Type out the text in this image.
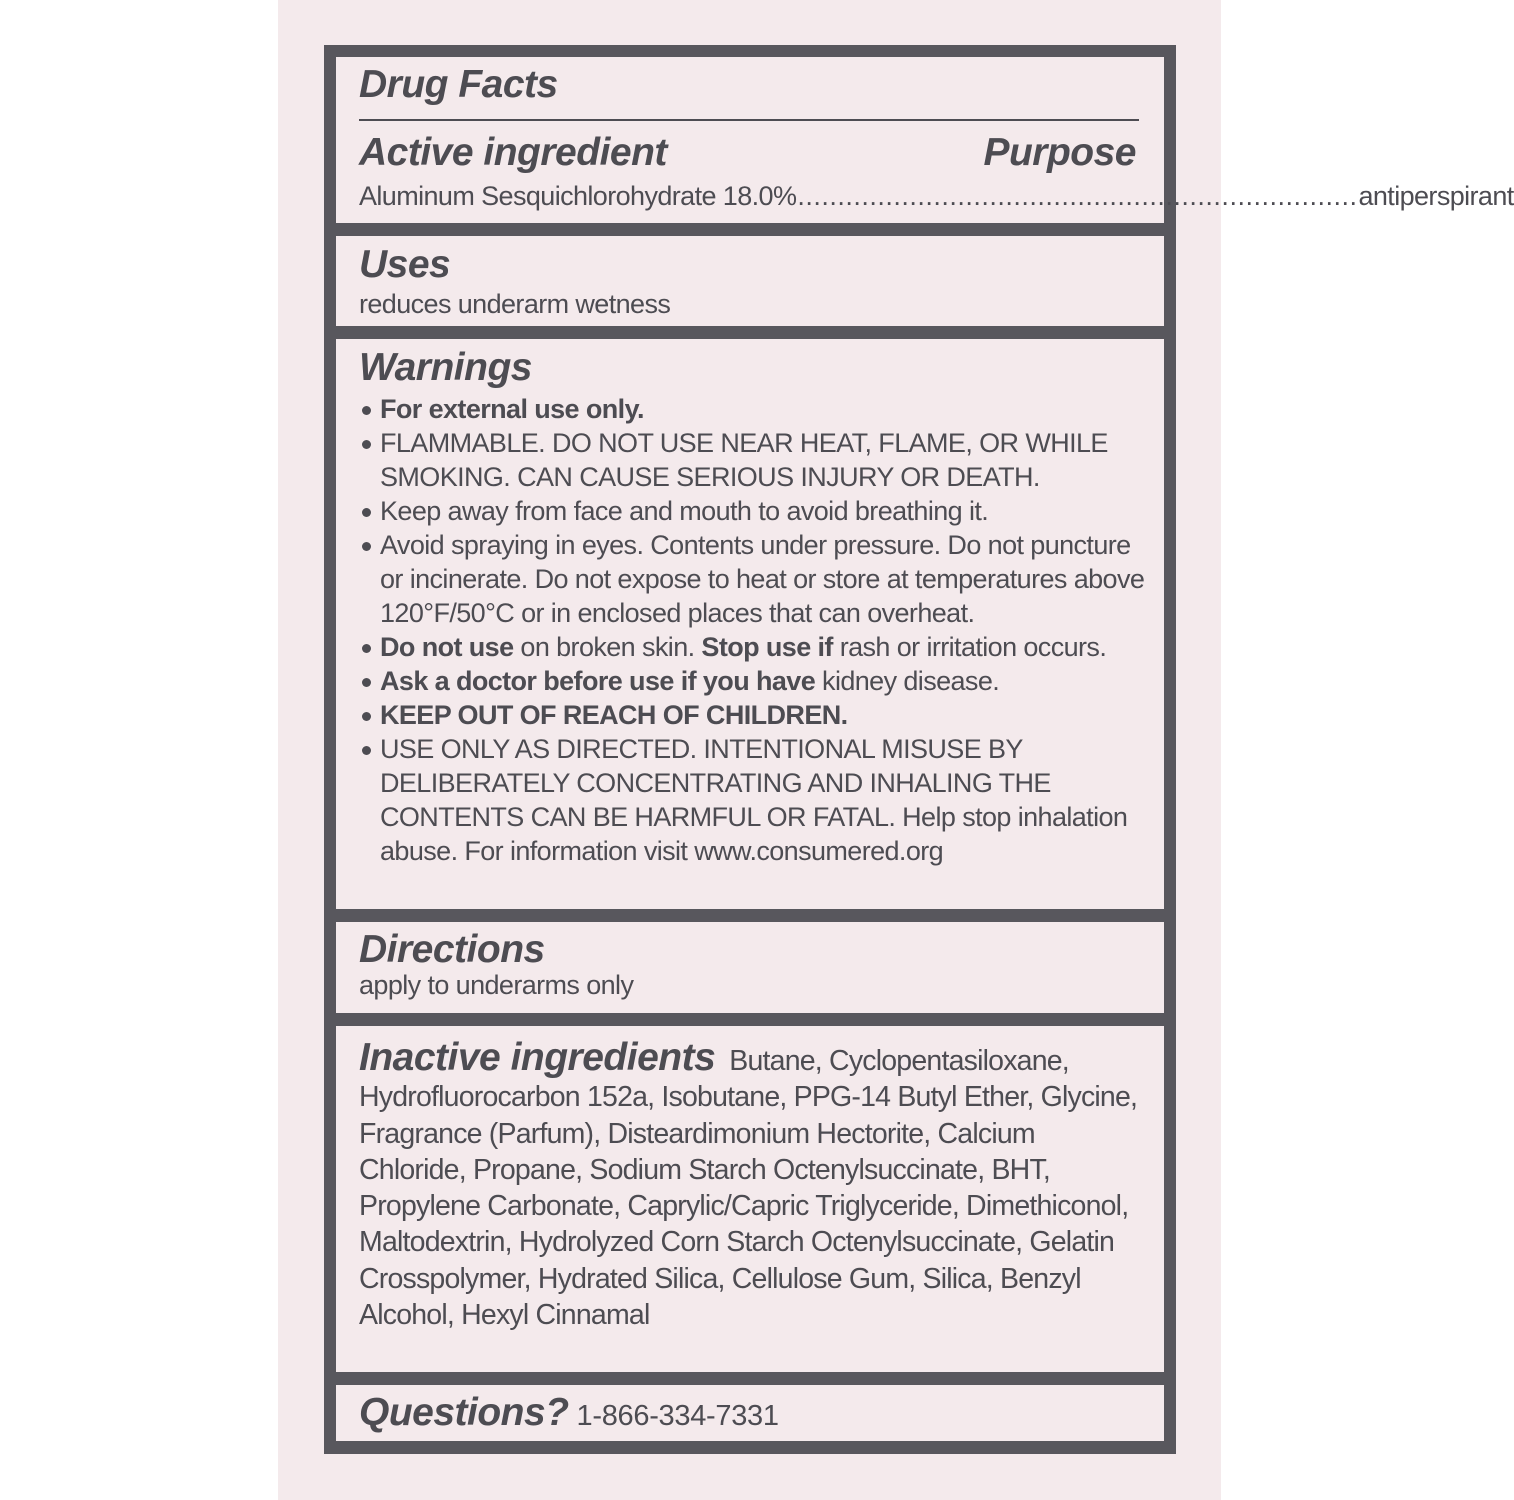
Drug Facts
Active ingredient	Purpose
Aluminum Sesquichlorohydrate 18.0% ...................................................................... antiperspirant
Uses
reduces underarm wetness
Warnings
For external use only.
FLAMMABLE. DO NOT USE NEAR HEAT, FLAME, OR WHILE SMOKING. CAN CAUSE SERIOUS INJURY OR DEATH.
Keep away from face and mouth to avoid breathing it.
Avoid spraying in eyes. Contents under pressure. Do not puncture or incinerate. Do not expose to heat or store at temperatures above 120°F/50°C or in enclosed places that can overheat.
Do not use on broken skin. Stop use if rash or irritation occurs.
Ask a doctor before use if you have kidney disease.
KEEP OUT OF REACH OF CHILDREN.
USE ONLY AS DIRECTED. INTENTIONAL MISUSE BY DELIBERATELY CONCENTRATING AND INHALING THE CONTENTS CAN BE HARMFUL OR FATAL. Help stop inhalation abuse. For information visit www.consumered.org
Directions
apply to underarms only
Inactive ingredients Butane, Cyclopentasiloxane, Hydrofluorocarbon 152a, Isobutane, PPG-14 Butyl Ether, Glycine, Fragrance (Parfum), Disteardimonium Hectorite, Calcium Chloride, Propane, Sodium Starch Octenylsuccinate, BHT, Propylene Carbonate, Caprylic/Capric Triglyceride, Dimethiconol, Maltodextrin, Hydrolyzed Corn Starch Octenylsuccinate, Gelatin Crosspolymer, Hydrated Silica, Cellulose Gum, Silica, Benzyl Alcohol, Hexyl Cinnamal
Questions? 1-866-334-7331
